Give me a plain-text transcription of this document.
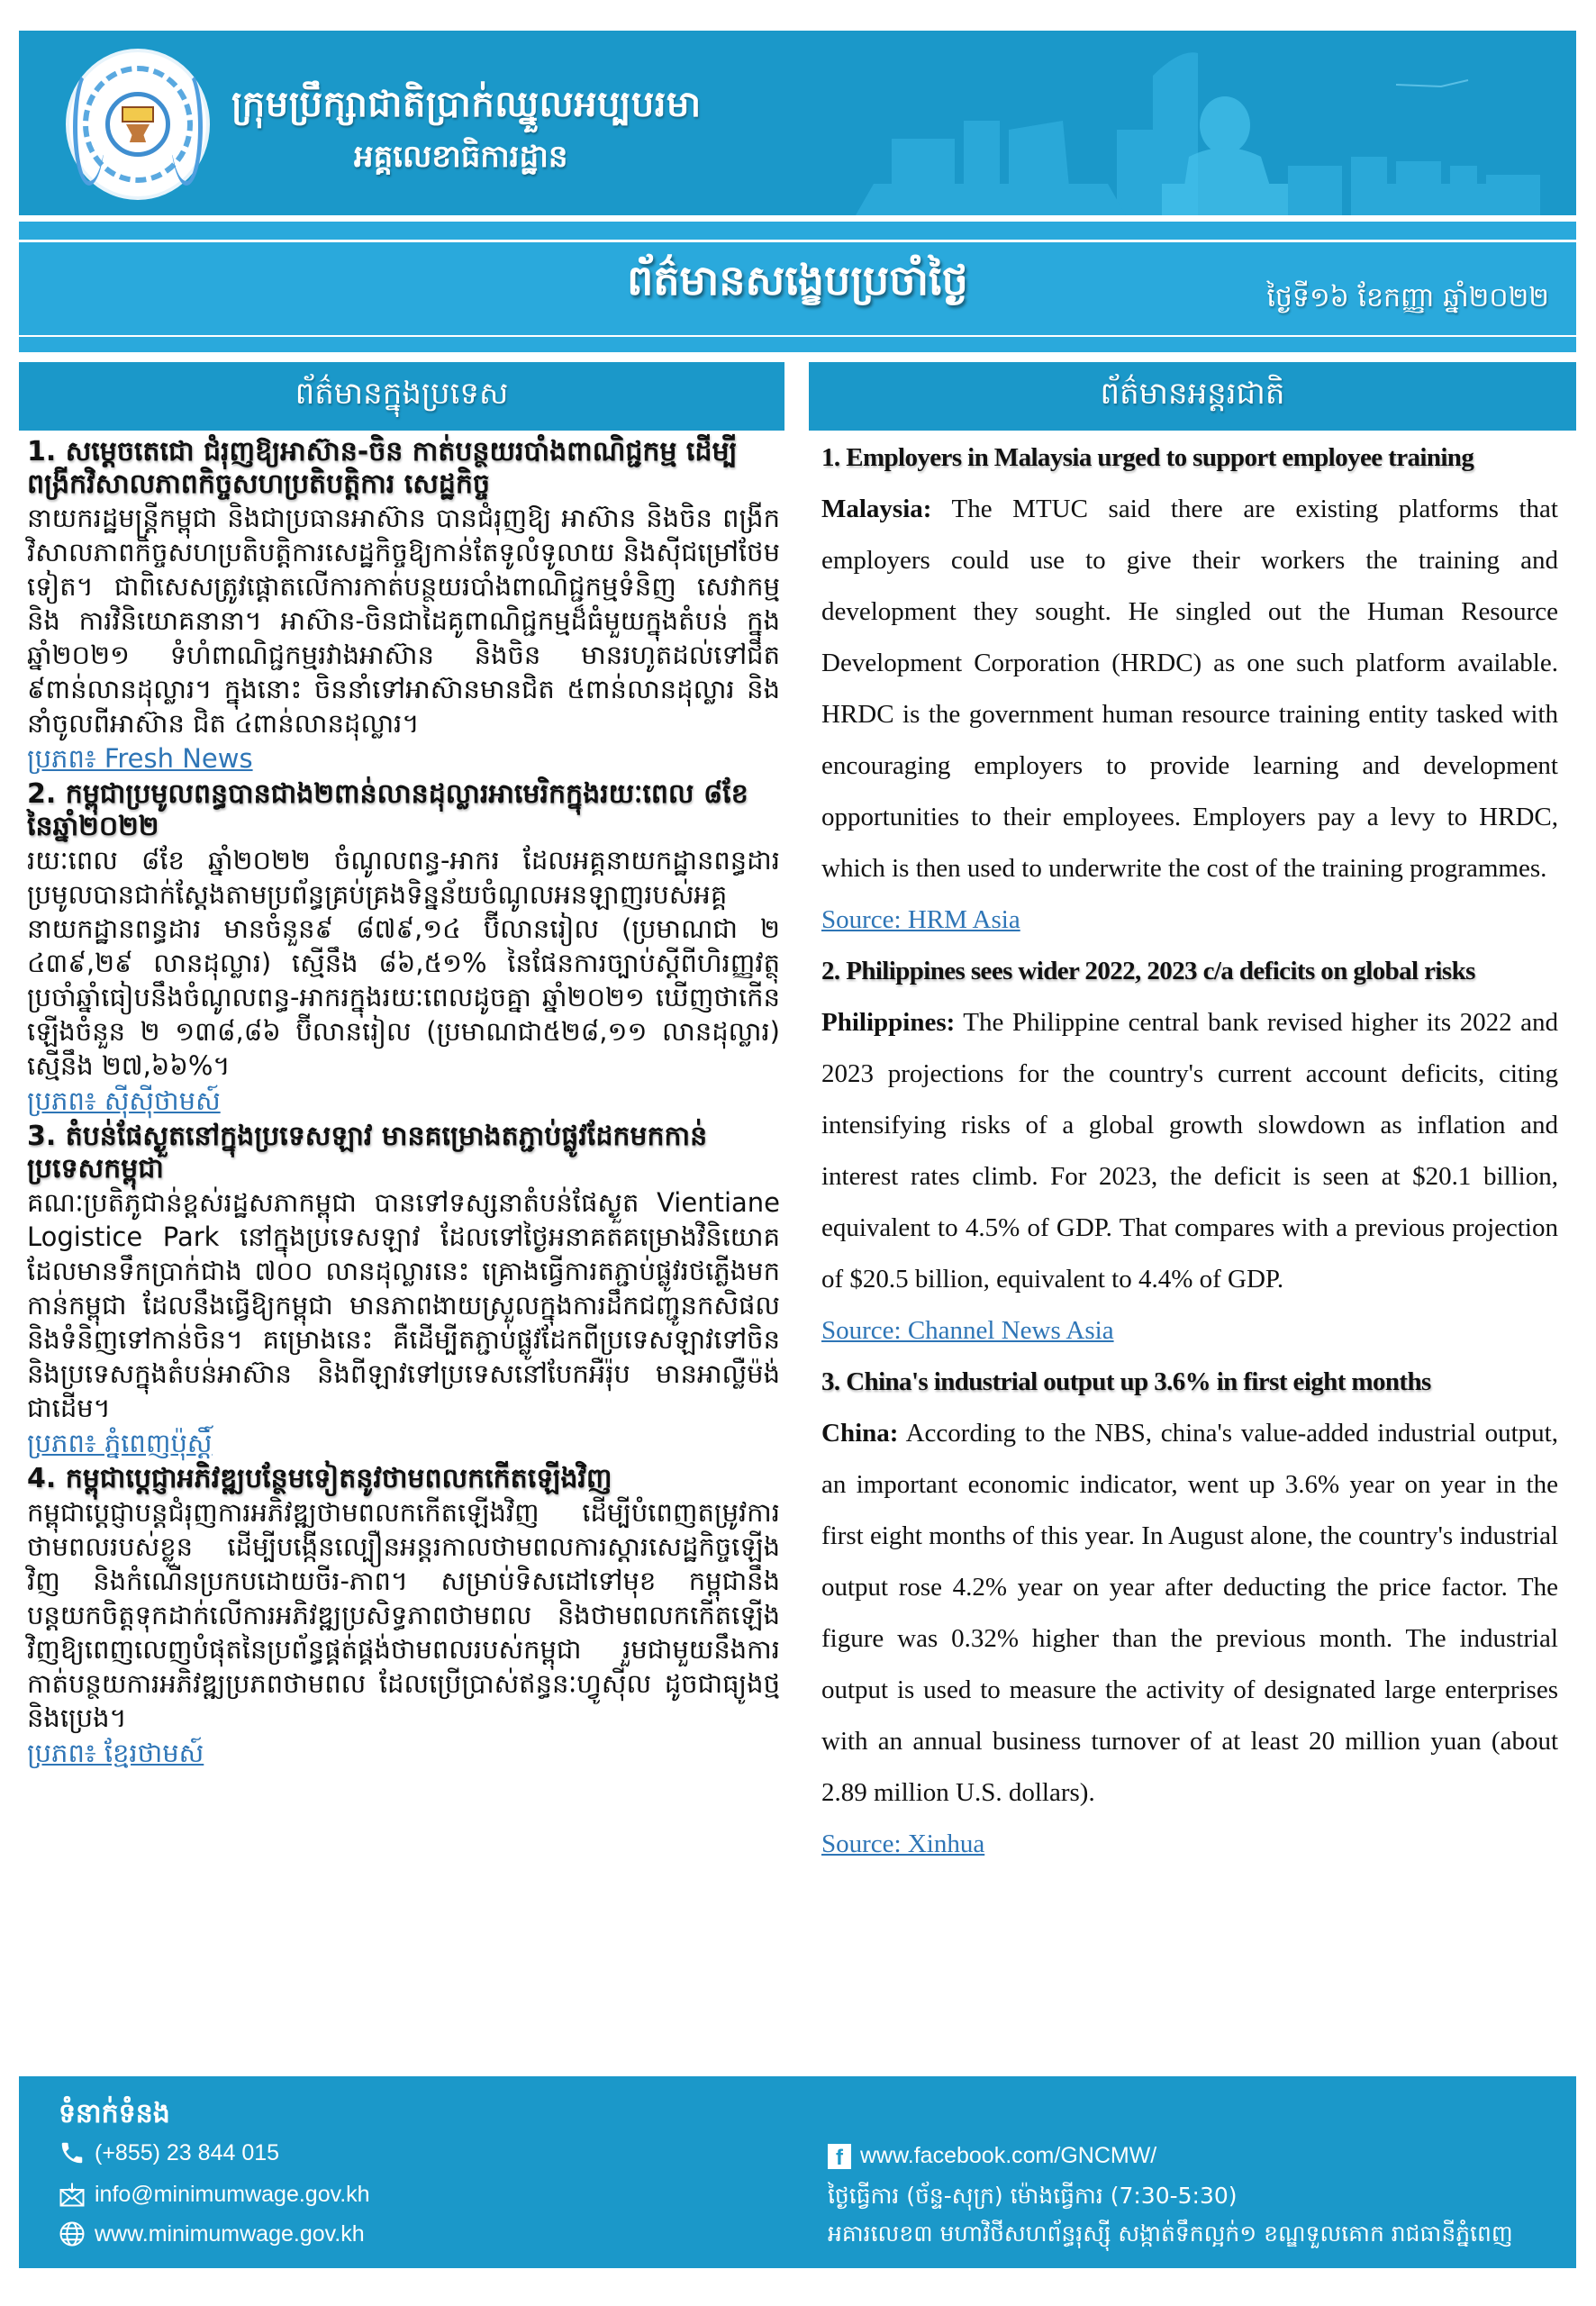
ក្រុមប្រឹក្សាជាតិប្រាក់ឈ្នួលអប្បបរមា
អគ្គលេខាធិការដ្ឋាន
ព័ត៌មានសង្ខេបប្រចាំថ្ងៃ	ថ្ងៃទី១៦ ខែកញ្ញា ឆ្នាំ២០២២
ព័ត៌មានក្នុងប្រទេស	ព័ត៌មានអន្តរជាតិ
1. សម្តេចតេជោ ជំរុញឱ្យអាស៊ាន-ចិន កាត់បន្ថយរបាំងពាណិជ្ជកម្ម ដើម្បីពង្រីកវិសាលភាពកិច្ចសហប្រតិបត្តិការ សេដ្ឋកិច្ច
នាយករដ្ឋមន្ត្រីកម្ពុជា និងជាប្រធានអាស៊ាន បានជំរុញឱ្យ អាស៊ាន និងចិន ពង្រីកវិសាលភាពកិច្ចសហប្រតិបត្តិការសេដ្ឋកិច្ចឱ្យកាន់តែទូលំទូលាយ និងស៊ីជម្រៅថែមទៀត។ ជាពិសេសត្រូវផ្តោតលើការកាត់បន្ថយរបាំងពាណិជ្ជកម្មទំនិញ សេវាកម្ម និង ការវិនិយោគនានា។ អាស៊ាន-ចិនជាដៃគូពាណិជ្ជកម្មដ៏ធំមួយក្នុងតំបន់ ក្នុងឆ្នាំ២០២១ ទំហំពាណិជ្ជកម្មរវាងអាស៊ាន និងចិន មានរហូតដល់ទៅជិត ៩ពាន់លានដុល្លារ។ ក្នុងនោះ ចិននាំទៅអាស៊ានមានជិត ៥ពាន់លានដុល្លារ និងនាំចូលពីអាស៊ាន ជិត ៤ពាន់លានដុល្លារ។
ប្រភព៖ Fresh News
2. កម្ពុជាប្រមូលពន្ធបានជាង២ពាន់លានដុល្លារអាមេរិកក្នុងរយៈពេល ៨ខែ នៃឆ្នាំ២០២២
រយៈពេល ៨ខែ ឆ្នាំ២០២២ ចំណូលពន្ធ-អាករ ដែលអគ្គនាយកដ្ឋានពន្ធដារប្រមូលបានជាក់ស្តែងតាមប្រព័ន្ធគ្រប់គ្រងទិន្នន័យចំណូលអនឡាញរបស់អគ្គនាយកដ្ឋានពន្ធដារ មានចំនួន៩ ៨៧៩,១៤ ប៊ីលានរៀល (ប្រមាណជា ២ ៤៣៩,២៩ លានដុល្លារ) ស្មើនឹង ៨៦,៥១% នៃផែនការច្បាប់ស្តីពីហិរញ្ញវត្ថុប្រចាំឆ្នាំធៀបនឹងចំណូលពន្ធ-អាករក្នុងរយៈពេលដូចគ្នា ឆ្នាំ២០២១ ឃើញថាកើនឡើងចំនួន ២ ១៣៨,៨៦ ប៊ីលានរៀល (ប្រមាណជា៥២៨,១១ លានដុល្លារ) ស្មើនឹង ២៧,៦៦%។
ប្រភព៖ ស៊ីស៊ីថាមស៍
3. តំបន់ផែស្ងួតនៅក្នុងប្រទេសឡាវ មានគម្រោងតភ្ជាប់ផ្លូវដែកមកកាន់ប្រទេសកម្ពុជា
គណៈប្រតិភូជាន់ខ្ពស់រដ្ឋសភាកម្ពុជា បានទៅទស្សនាតំបន់ផែស្ងួត Vientiane Logistice Park នៅក្នុងប្រទេសឡាវ ដែលទៅថ្ងៃអនាគតគម្រោងវិនិយោគដែលមានទឹកប្រាក់ជាង ៧០០ លានដុល្លារនេះ គ្រោងធ្វើការតភ្ជាប់ផ្លូវរថភ្លើងមកកាន់កម្ពុជា ដែលនឹងធ្វើឱ្យកម្ពុជា មានភាពងាយស្រួលក្នុងការដឹកជញ្ជូនកសិផល និងទំនិញទៅកាន់ចិន។ គម្រោងនេះ គឺដើម្បីតភ្ជាប់ផ្លូវដែកពីប្រទេសឡាវទៅចិន និងប្រទេសក្នុងតំបន់អាស៊ាន និងពីឡាវទៅប្រទេសនៅបែកអឺរ៉ុប មានអាល្លឺម៉ង់ជាដើម។
ប្រភព៖ ភ្នំពេញប៉ុស្តិ៍
4. កម្ពុជាប្តេជ្ញាអភិវឌ្ឍបន្ថែមទៀតនូវថាមពលកកើតឡើងវិញ
កម្ពុជាប្តេជ្ញាបន្តជំរុញការអភិវឌ្ឍថាមពលកកើតឡើងវិញ ដើម្បីបំពេញតម្រូវការថាមពលរបស់ខ្លួន ដើម្បីបង្កើនល្បឿនអន្តរកាលថាមពលការស្តារសេដ្ឋកិច្ចឡើងវិញ និងកំណើនប្រកបដោយចីរ-ភាព។ សម្រាប់ទិសដៅទៅមុខ កម្ពុជានឹងបន្តយកចិត្តទុកដាក់លើការអភិវឌ្ឍប្រសិទ្ធភាពថាមពល និងថាមពលកកើតឡើងវិញឱ្យពេញលេញបំផុតនៃប្រព័ន្ធផ្គត់ផ្គង់ថាមពលរបស់កម្ពុជា រួមជាមួយនឹងការកាត់បន្ថយការអភិវឌ្ឍប្រភពថាមពល ដែលប្រើប្រាស់ឥន្ធនៈហ្វូស៊ីល ដូចជាធ្យូងថ្ម និងប្រេង។
ប្រភព៖ ខ្មែរថាមស៍
1. Employers in Malaysia urged to support employee training
Malaysia: The MTUC said there are existing platforms that employers could use to give their workers the training and development they sought. He singled out the Human Resource Development Corporation (HRDC) as one such platform available. HRDC is the government human resource training entity tasked with encouraging employers to provide learning and development opportunities to their employees. Employers pay a levy to HRDC, which is then used to underwrite the cost of the training programmes.
Source: HRM Asia
2. Philippines sees wider 2022, 2023 c/a deficits on global risks
Philippines: The Philippine central bank revised higher its 2022 and 2023 projections for the country's current account deficits, citing intensifying risks of a global growth slowdown as inflation and interest rates climb. For 2023, the deficit is seen at $20.1 billion, equivalent to 4.5% of GDP. That compares with a previous projection of $20.5 billion, equivalent to 4.4% of GDP.
Source: Channel News Asia
3. China's industrial output up 3.6% in first eight months
China: According to the NBS, china's value-added industrial output, an important economic indicator, went up 3.6% year on year in the first eight months of this year. In August alone, the country's industrial output rose 4.2% year on year after deducting the price factor. The figure was 0.32% higher than the previous month. The industrial output is used to measure the activity of designated large enterprises with an annual business turnover of at least 20 million yuan (about 2.89 million U.S. dollars).
Source: Xinhua
ទំនាក់ទំនង
(+855) 23 844 015
info@minimumwage.gov.kh
www.minimumwage.gov.kh
f www.facebook.com/GNCMW/
ថ្ងៃធ្វើការ (ច័ន្ទ-សុក្រ) ម៉ោងធ្វើការ (7:30-5:30)
អគារលេខ៣ មហាវិថីសហព័ន្ធរុស្ស៊ី សង្កាត់ទឹកល្អក់១ ខណ្ឌទួលគោក រាជធានីភ្នំពេញ
